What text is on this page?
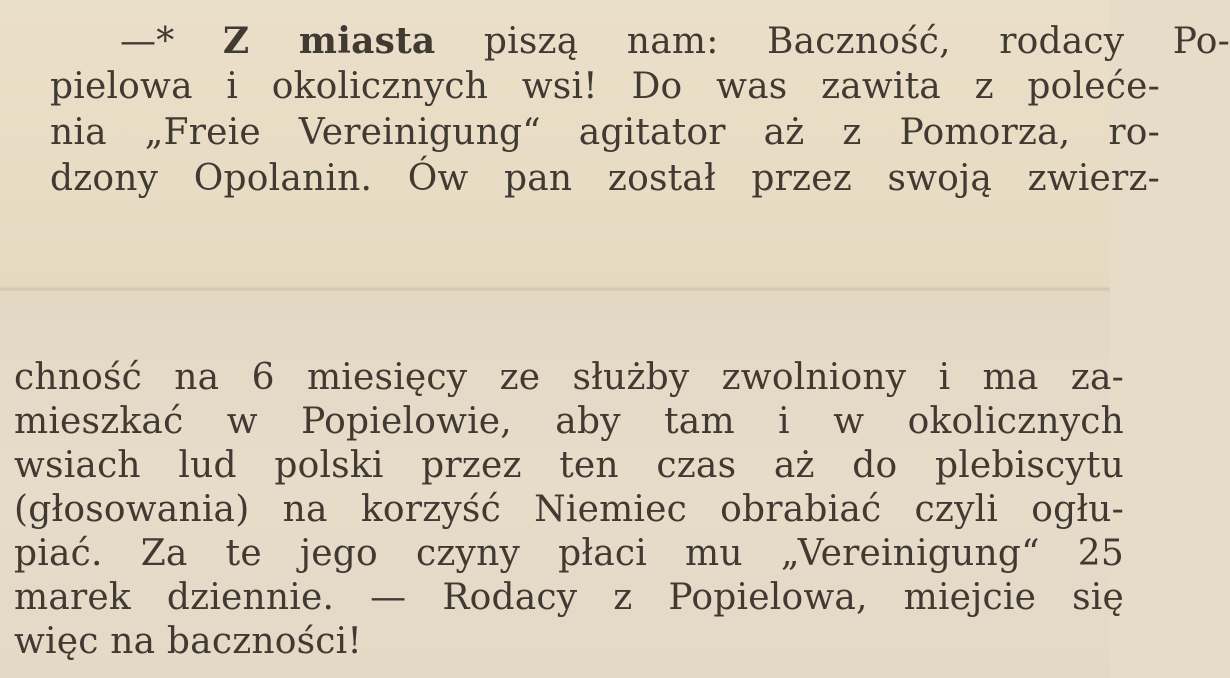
—* Z miasta piszą nam: Baczność, rodacy Po-
pielowa i okolicznych wsi! Do was zawita z poleće-
nia „Freie Vereinigung“ agitator aż z Pomorza, ro-
dzony Opolanin. Ów pan został przez swoją zwierz-
chność na 6 miesięcy ze służby zwolniony i ma za-
mieszkać w Popielowie, aby tam i w okolicznych
wsiach lud polski przez ten czas aż do plebiscytu
(głosowania) na korzyść Niemiec obrabiać czyli ogłu-
piać. Za te jego czyny płaci mu „Vereinigung“ 25
marek dziennie. — Rodacy z Popielowa, miejcie się
więc na baczności!
